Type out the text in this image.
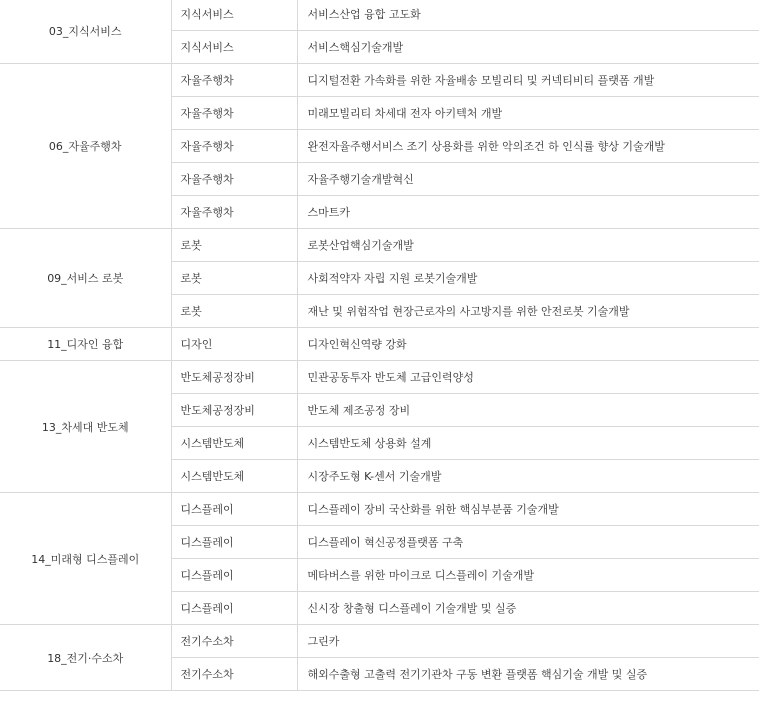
03_지식서비스	지식서비스	서비스산업 융합 고도화
	지식서비스	서비스핵심기술개발
06_자율주행차	자율주행차	디지털전환 가속화를 위한 자율배송 모빌리티 및 커넥티비티 플랫폼 개발
	자율주행차	미래모빌리티 차세대 전자 아키텍처 개발
	자율주행차	완전자율주행서비스 조기 상용화를 위한 악의조건 하 인식률 향상 기술개발
	자율주행차	자율주행기술개발혁신
	자율주행차	스마트카
09_서비스 로봇	로봇	로봇산업핵심기술개발
	로봇	사회적약자 자립 지원 로봇기술개발
	로봇	재난 및 위험작업 현장근로자의 사고방지를 위한 안전로봇 기술개발
11_디자인 융합	디자인	디자인혁신역량 강화
13_차세대 반도체	반도체공정장비	민관공동투자 반도체 고급인력양성
	반도체공정장비	반도체 제조공정 장비
	시스템반도체	시스템반도체 상용화 설계
	시스템반도체	시장주도형 K-센서 기술개발
14_미래형 디스플레이	디스플레이	디스플레이 장비 국산화를 위한 핵심부분품 기술개발
	디스플레이	디스플레이 혁신공정플랫폼 구축
	디스플레이	메타버스를 위한 마이크로 디스플레이 기술개발
	디스플레이	신시장 창출형 디스플레이 기술개발 및 실증
18_전기·수소차	전기수소차	그린카
	전기수소차	해외수출형 고출력 전기기관차 구동 변환 플랫폼 핵심기술 개발 및 실증
